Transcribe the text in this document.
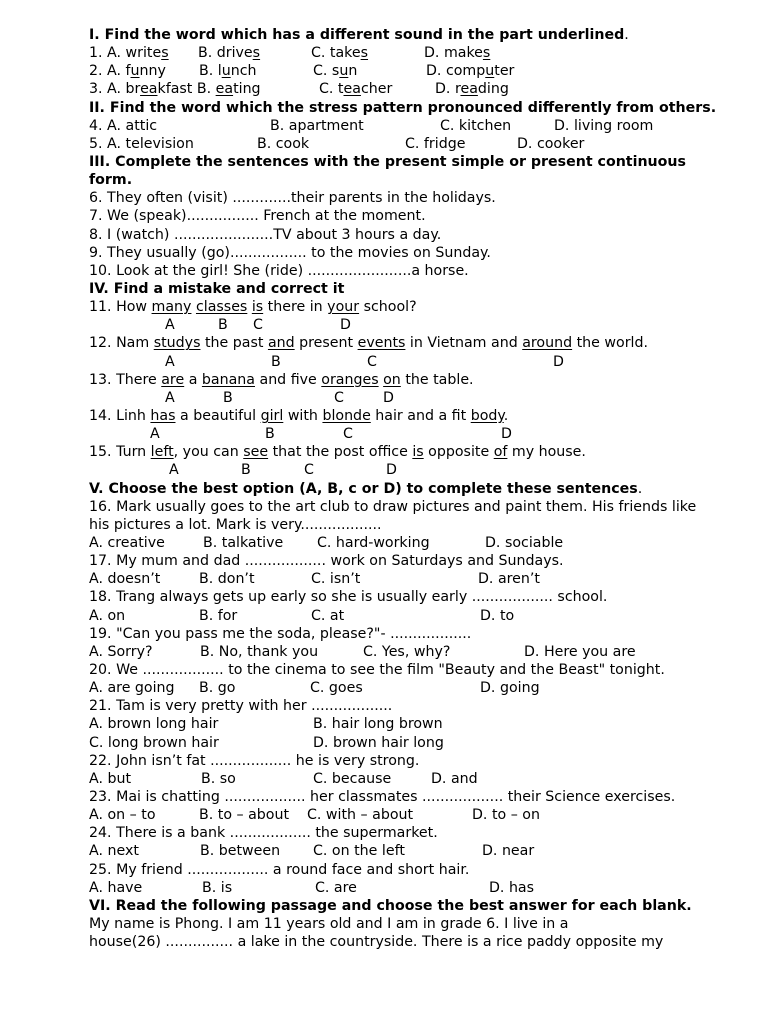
I. Find the word which has a different sound in the part underlined.
1. A. writes B. drives	C. takes	D. makes
2. A. funny B. lunch	C. sun	D. computer
3. A. breakfast B. eating	C. teacher	D. reading
II. Find the word which the stress pattern pronounced differently from others.
4. A. attic	B. apartment	C. kitchen	D. living room
5. A. television	B. cook	C. fridge	D. cooker
III. Complete the sentences with the present simple or present continuous form.
6. They often (visit) .............their parents in the holidays.
7. We (speak)................ French at the moment.
8. I (watch) ......................TV about 3 hours a day.
9. They usually (go)................. to the movies on Sunday.
10. Look at the girl! She (ride) .......................a horse.
IV. Find a mistake and correct it
11. How many classes is there in your school?
A	B C	D
12. Nam studys the past and present events in Vietnam and around the world.
A	B	C	D
13. There are a banana and five oranges on the table.
A	B	C	D
14. Linh has a beautiful girl with blonde hair and a fit body.
A	B	C	D
15. Turn left, you can see that the post office is opposite of my house.
A	B	C	D
V. Choose the best option (A, B, c or D) to complete these sentences.
16. Mark usually goes to the art club to draw pictures and paint them. His friends like his pictures a lot. Mark is very..................
A. creative	B. talkative C. hard-working	D. sociable
17. My mum and dad .................. work on Saturdays and Sundays.
A. doesn’t	B. don’t	C. isn’t	D. aren’t
18. Trang always gets up early so she is usually early .................. school.
A. on	B. for	C. at	D. to
19. "Can you pass me the soda, please?"- ..................
A. Sorry?	B. No, thank you	C. Yes, why?	D. Here you are
20. We .................. to the cinema to see the film "Beauty and the Beast" tonight.
A. are going B. go	C. goes	D. going
21. Tam is very pretty with her ..................
A. brown long hair	B. hair long brown
C. long brown hair	D. brown hair long
22. John isn’t fat .................. he is very strong.
A. but	B. so	C. because	D. and
23. Mai is chatting .................. her classmates .................. their Science exercises.
A. on – to	B. to – about C. with – about	D. to – on
24. There is a bank .................. the supermarket.
A. next	B. between C. on the left	D. near
25. My friend .................. a round face and short hair.
A. have	B. is	C. are	D. has
VI. Read the following passage and choose the best answer for each blank.
My name is Phong. I am 11 years old and I am in grade 6. I live in a
house(26) ............... a lake in the countryside. There is a rice paddy opposite my
